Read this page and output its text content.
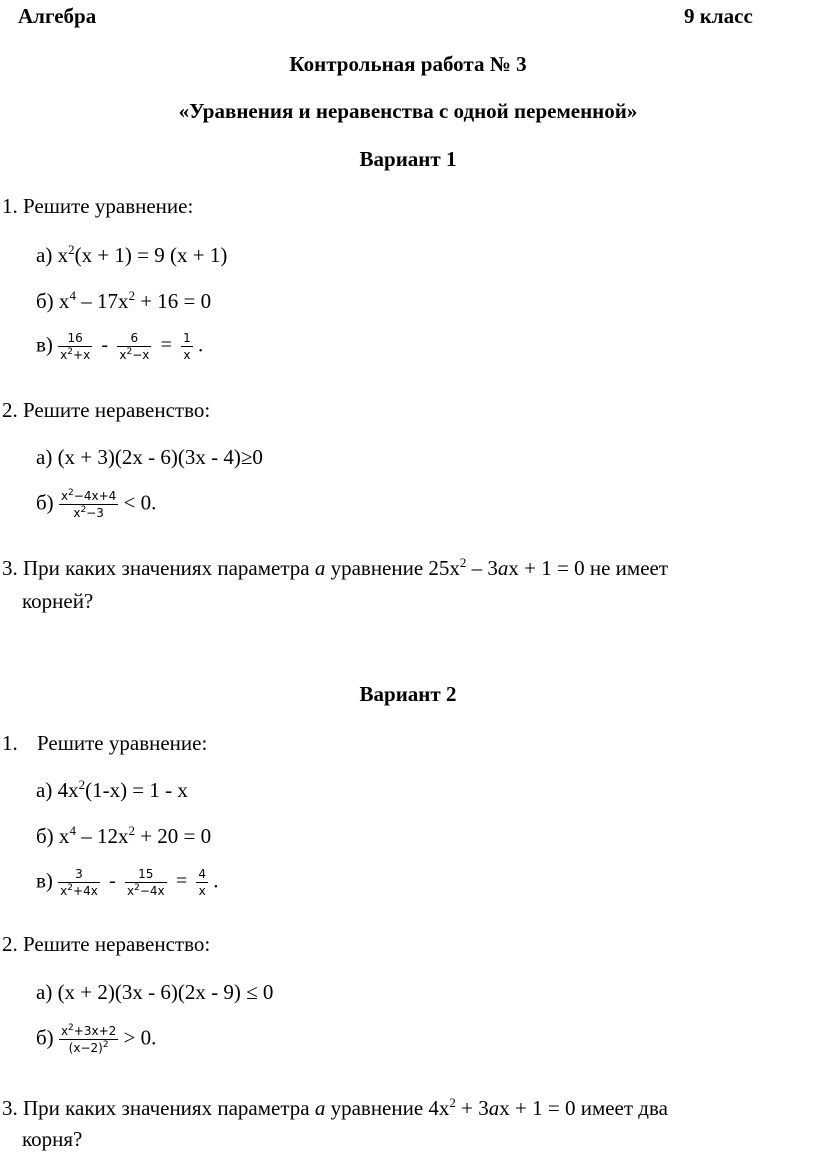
Алгебра	9 класс
Контрольная работа № 3
«Уравнения и неравенства с одной переменной»
Вариант 1
1. Решите уравнение:
а) $x^2(x + 1) = 9$ (x + 1)
б) $x^4 - 17x^2 + 16 = 0$
$в) \frac{16}{x^2+x} - \frac{6}{x^2-x} = \frac{1}{x}$ .
2. Решите неравенство:
а) (x + 3)(2x - 6)(3x - 4)≥0
$б) \frac{x^2-4x+4}{x^2-3} < 0$.
3. При каких значениях параметра а уравнение $25x^2 - 3аx + 1 = 0$ не имеет
корней?
Вариант 2
1. Решите уравнение:
а) $4x^2(1-x) = 1 - x$
б) $x^4 - 12x^2 + 20 = 0$
$в) \frac{3}{x^2+4x} - \frac{15}{x^2-4x} = \frac{4}{x}$ .
2. Решите неравенство:
а) (x + 2)(3x - 6)(2x - 9) ≤ 0
$б) \frac{x^2+3x+2}{(x-2)^2} > 0$.
3. При каких значениях параметра а уравнение $4x^2 + 3аx + 1 = 0$ имеет два
корня?
